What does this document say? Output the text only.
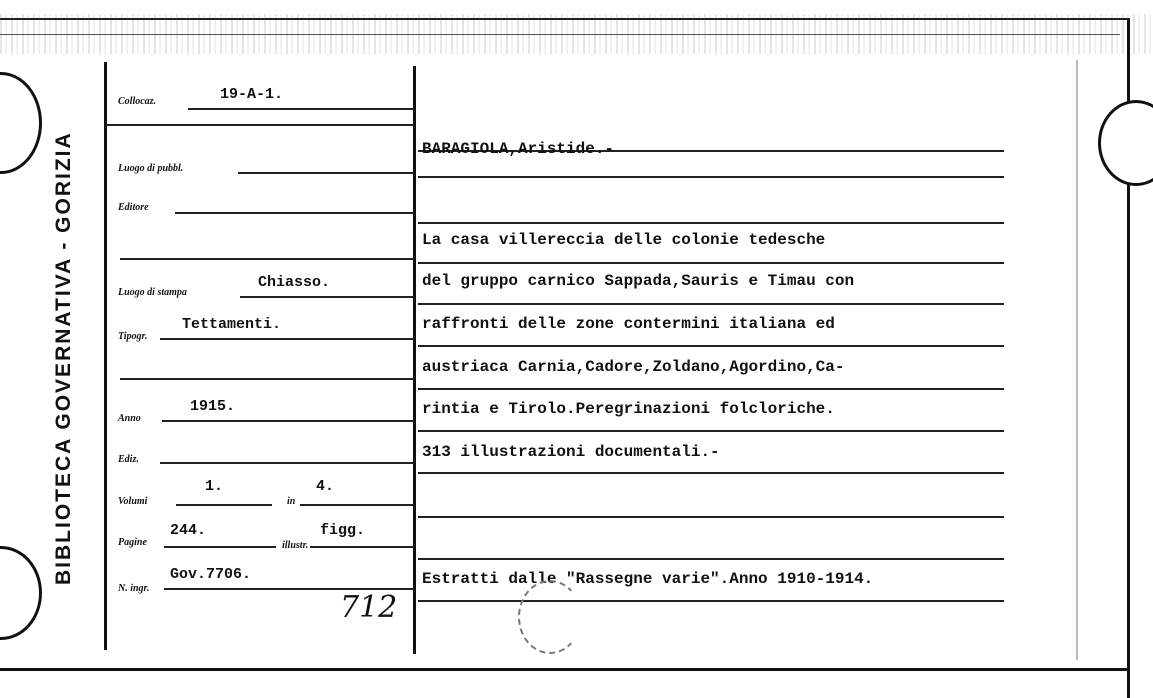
BIBLIOTECA GOVERNATIVA - GORIZIA
Collocaz.	19-A-1.
Luogo di pubbl.
Editore
Luogo di stampa
Chiasso.
Tipogr.
Tettamenti.
Anno
1915.
Ediz.
Volumi
1.
in
4.
Pagine
244.
illustr.
figg.
N. ingr.
Gov.7706.
712
BARAGIOLA,Aristide.-
La casa villereccia delle colonie tedesche
del gruppo carnico Sappada,Sauris e Timau con
raffronti delle zone contermini italiana ed
austriaca Carnia,Cadore,Zoldano,Agordino,Ca-
rintia e Tirolo.Peregrinazioni folcloriche.
313 illustrazioni documentali.-
Estratti dalle "Rassegne varie".Anno 1910-1914.
